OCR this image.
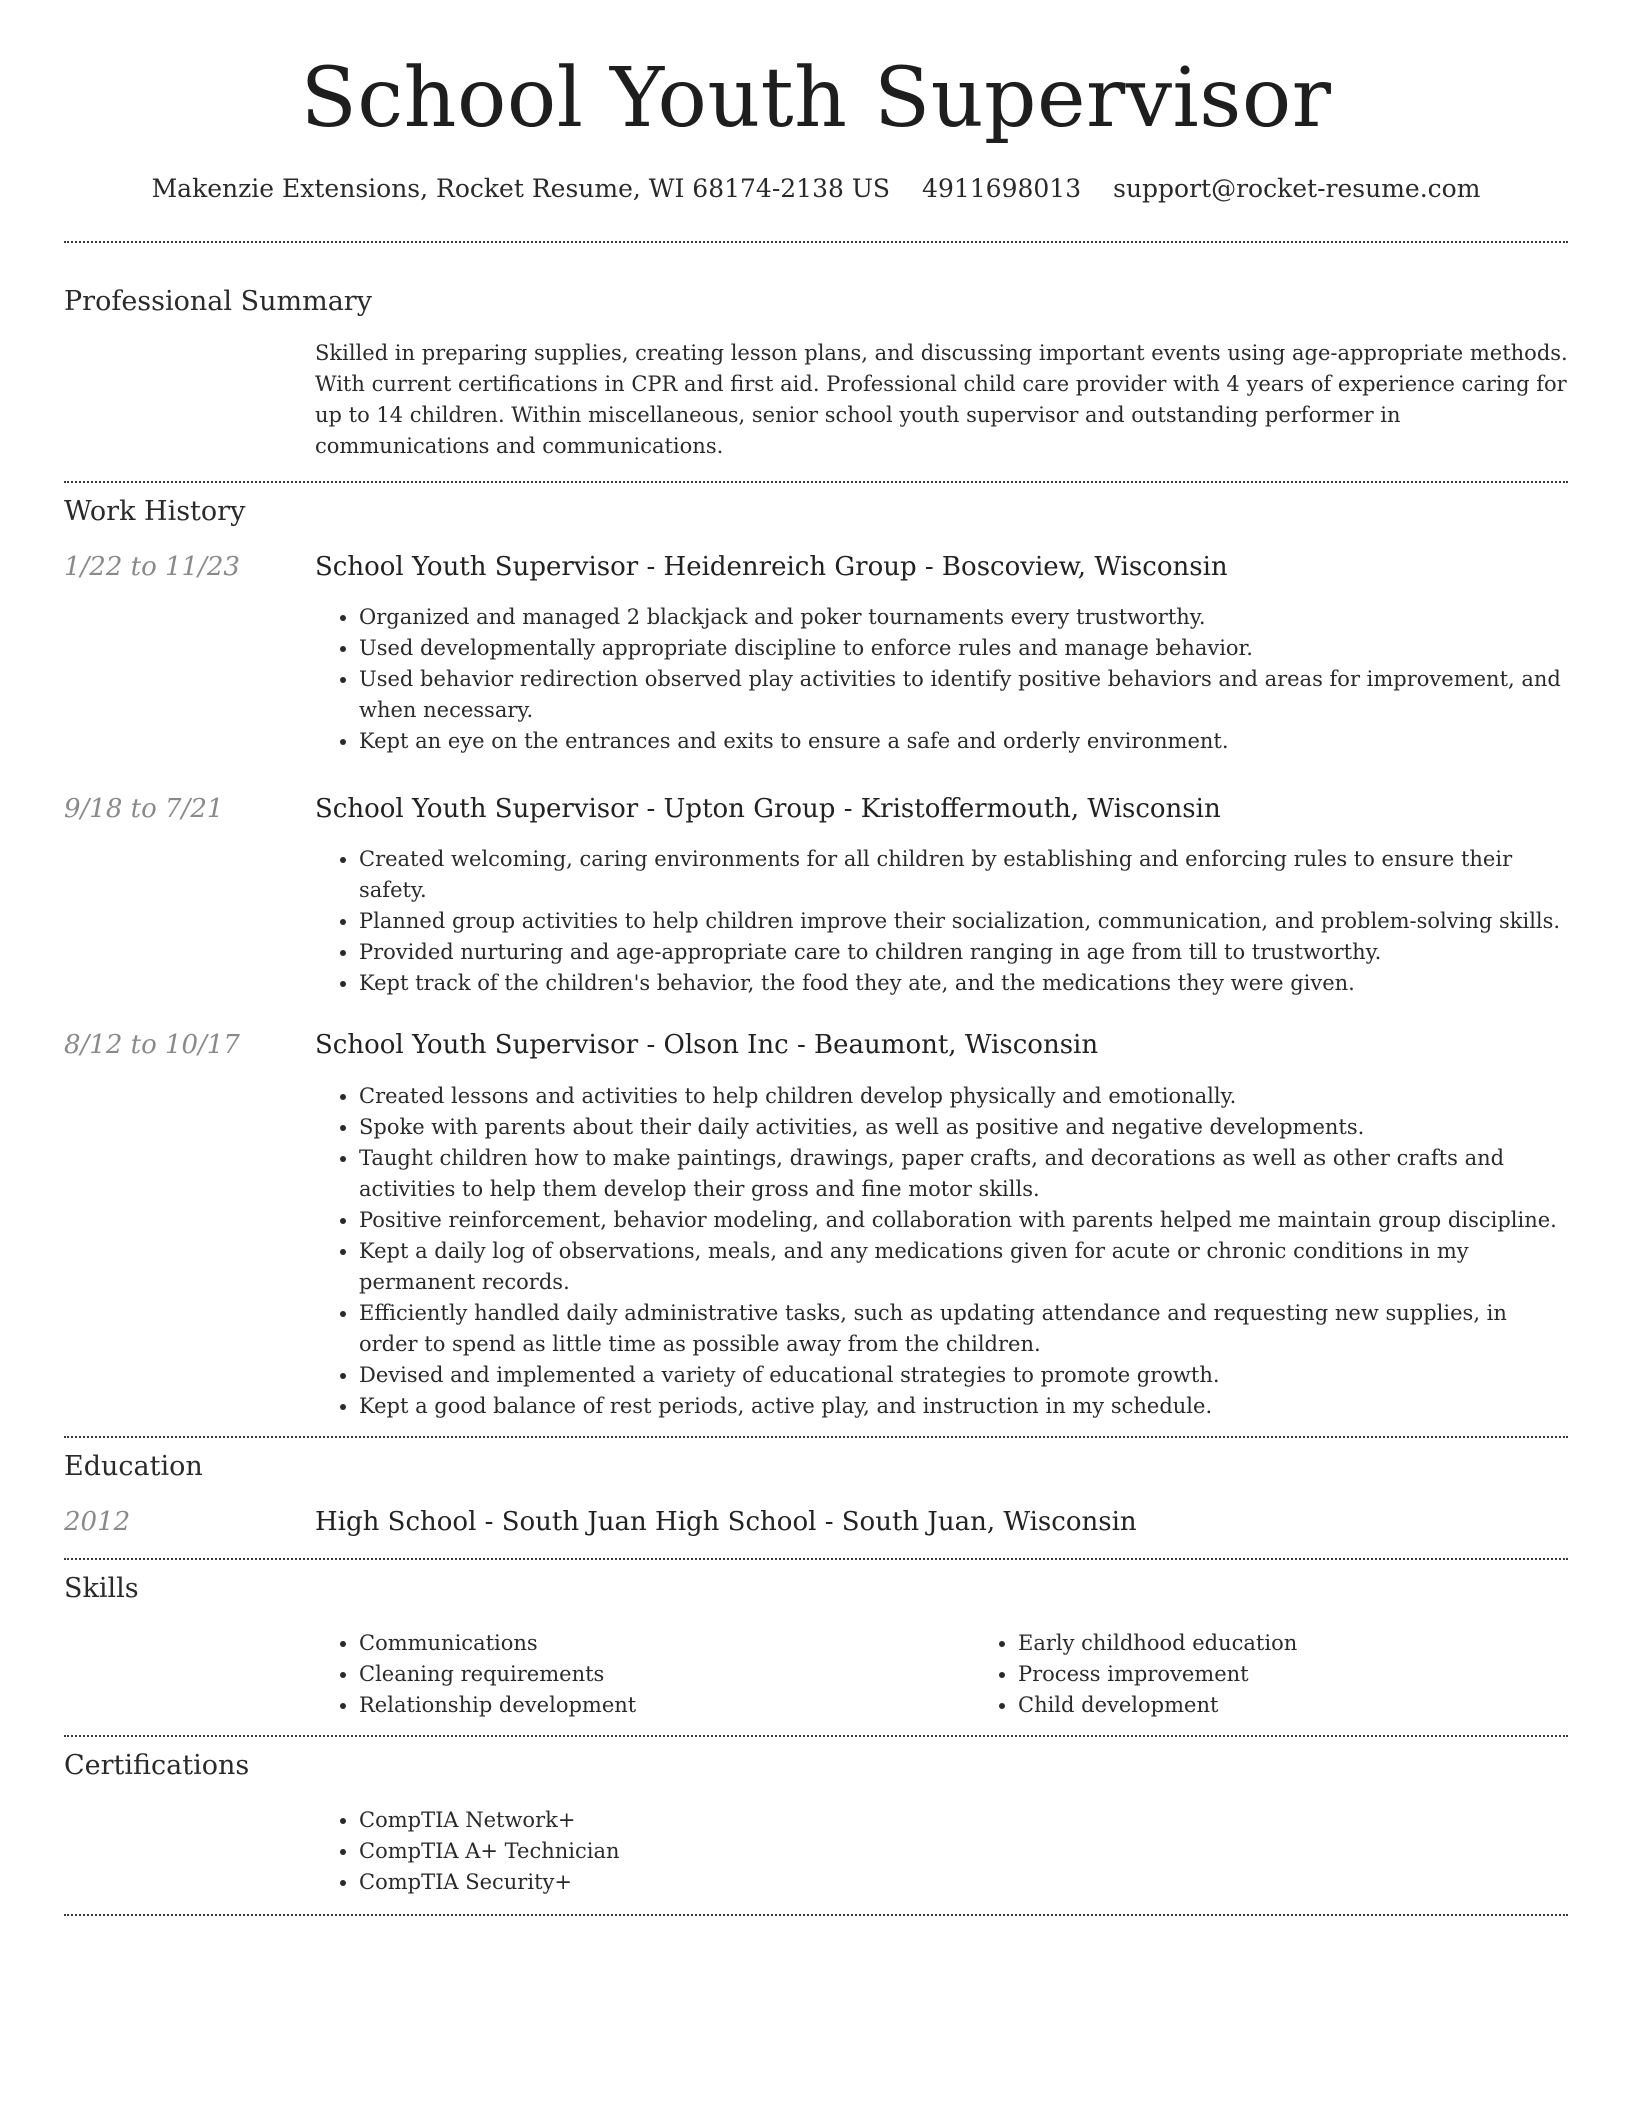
School Youth Supervisor
Makenzie Extensions, Rocket Resume, WI 68174-2138 US 4911698013 support@rocket-resume.com
Professional Summary

Skilled in preparing supplies, creating lesson plans, and discussing important events using age-appropriate methods. With current certifications in CPR and first aid. Professional child care provider with 4 years of experience caring for up to 14 children. Within miscellaneous, senior school youth supervisor and outstanding performer in communications and communications.

Work History
1/22 to 11/23	School Youth Supervisor - Heidenreich Group - Boscoview, Wisconsin

• Organized and managed 2 blackjack and poker tournaments every trustworthy.
• Used developmentally appropriate discipline to enforce rules and manage behavior.
• Used behavior redirection observed play activities to identify positive behaviors and areas for improvement, and when necessary.
• Kept an eye on the entrances and exits to ensure a safe and orderly environment.
9/18 to 7/21	School Youth Supervisor - Upton Group - Kristoffermouth, Wisconsin

• Created welcoming, caring environments for all children by establishing and enforcing rules to ensure their safety.
• Planned group activities to help children improve their socialization, communication, and problem-solving skills.
• Provided nurturing and age-appropriate care to children ranging in age from till to trustworthy.
• Kept track of the children's behavior, the food they ate, and the medications they were given.
8/12 to 10/17	School Youth Supervisor - Olson Inc - Beaumont, Wisconsin

• Created lessons and activities to help children develop physically and emotionally.
• Spoke with parents about their daily activities, as well as positive and negative developments.
• Taught children how to make paintings, drawings, paper crafts, and decorations as well as other crafts and activities to help them develop their gross and fine motor skills.
• Positive reinforcement, behavior modeling, and collaboration with parents helped me maintain group discipline.
• Kept a daily log of observations, meals, and any medications given for acute or chronic conditions in my permanent records.
• Efficiently handled daily administrative tasks, such as updating attendance and requesting new supplies, in order to spend as little time as possible away from the children.
• Devised and implemented a variety of educational strategies to promote growth.
• Kept a good balance of rest periods, active play, and instruction in my schedule.
Education
2012	High School - South Juan High School - South Juan, Wisconsin

Skills
• Communications
• Cleaning requirements
• Relationship development
• Early childhood education
• Process improvement
• Child development
Certifications
• CompTIA Network+
• CompTIA A+ Technician
• CompTIA Security+
